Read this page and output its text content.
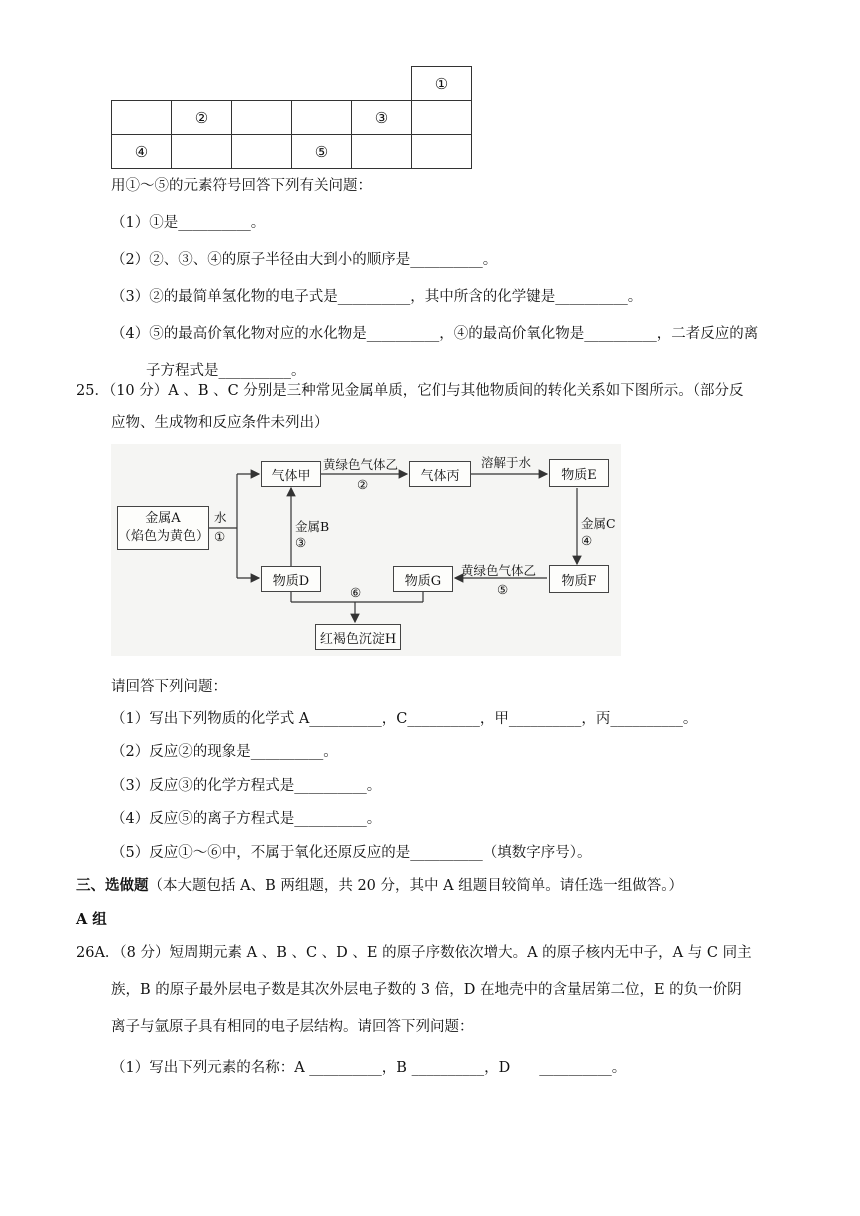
					①
	②			③	
④			⑤		
用①～⑤的元素符号回答下列有关问题：
（1）①是__________。
（2）②、③、④的原子半径由大到小的顺序是__________。
（3）②的最简单氢化物的电子式是__________，其中所含的化学键是__________。
（4）⑤的最高价氧化物对应的水化物是__________，④的最高价氧化物是__________，二者反应的离
子方程式是__________。
25．（10 分）A 、B 、C 分别是三种常见金属单质，它们与其他物质间的转化关系如下图所示。（部分反
应物、生成物和反应条件未列出）
金属A
（焰色为黄色）
水
①
气体甲
黄绿色气体乙
②
气体丙
溶解于水
物质E
金属B
③
金属C
④
物质D	物质G
黄绿色气体乙
⑤
物质F
⑥
红褐色沉淀H
请回答下列问题：
（1）写出下列物质的化学式 A__________，C__________，甲__________，丙__________。
（2）反应②的现象是__________。
（3）反应③的化学方程式是__________。
（4）反应⑤的离子方程式是__________。
（5）反应①～⑥中，不属于氧化还原反应的是__________（填数字序号）。
三、选做题（本大题包括 A、B 两组题，共 20 分，其中 A 组题目较简单。请任选一组做答。）
A 组
26A．（8 分）短周期元素 A 、B 、C 、D 、E 的原子序数依次增大。A 的原子核内无中子，A 与 C 同主
族，B 的原子最外层电子数是其次外层电子数的 3 倍，D 在地壳中的含量居第二位，E 的负一价阴
离子与氩原子具有相同的电子层结构。请回答下列问题：
（1）写出下列元素的名称：A __________，B __________，D　　__________。
